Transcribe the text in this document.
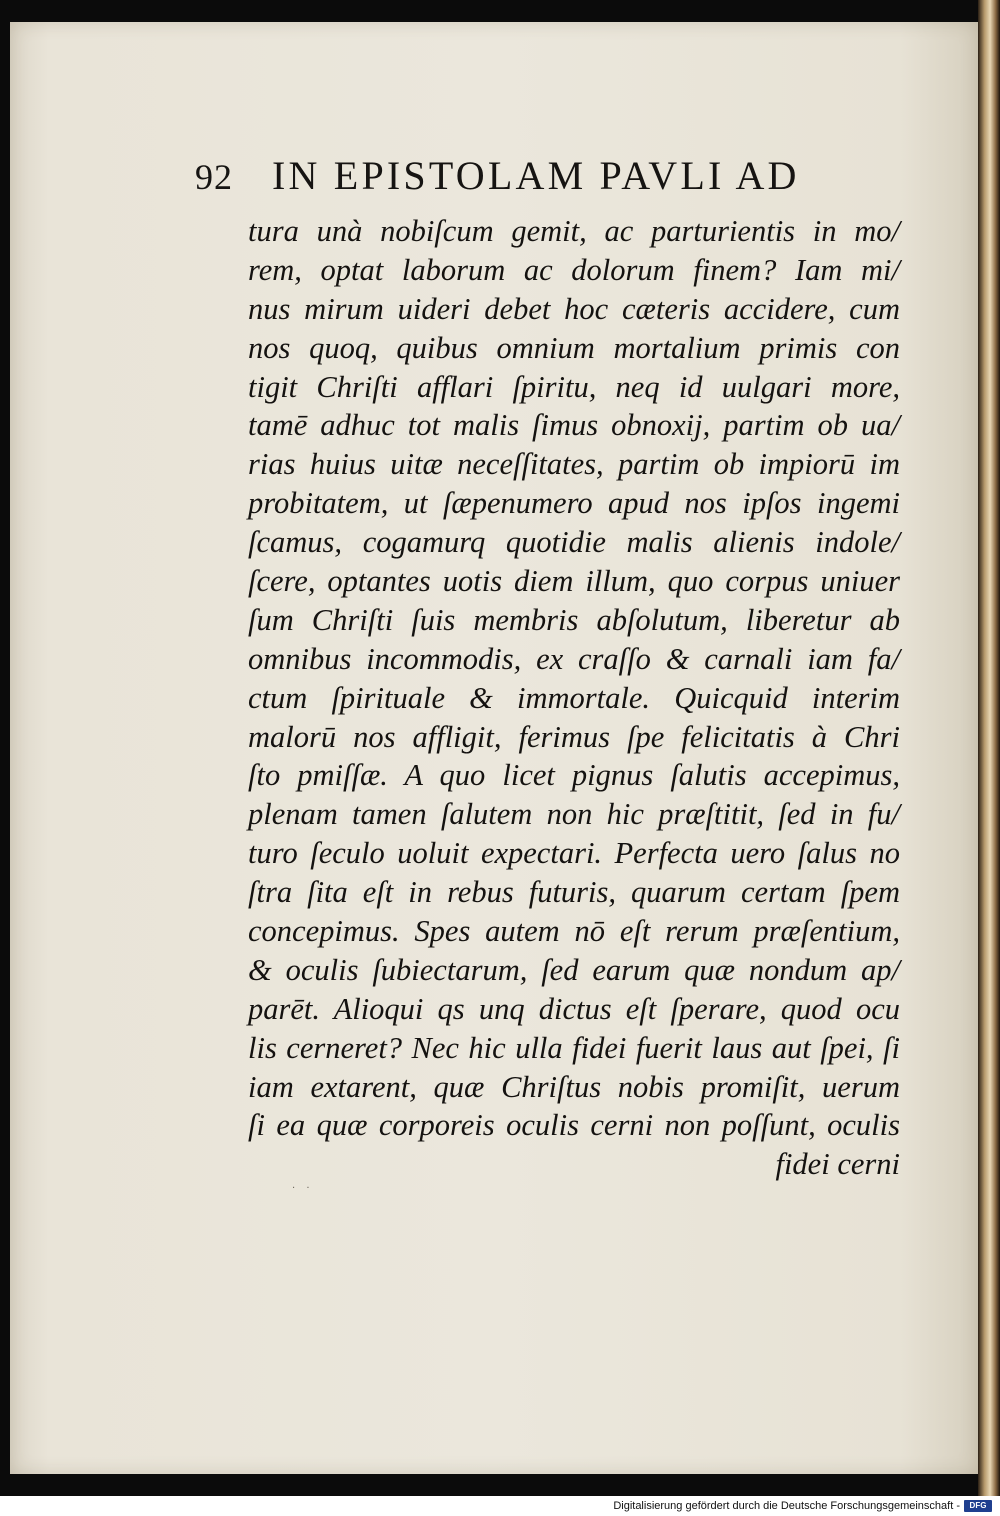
92 IN EPISTOLAM PAVLI AD
tura unà nobiſcum gemit, ac parturientis in mo/
rem, optat laborum ac dolorum finem? Iam mi/
nus mirum uideri debet hoc cæteris accidere, cum
nos quoq, quibus omnium mortalium primis con
tigit Chriſti afflari ſpiritu, neq id uulgari more,
tamē adhuc tot malis ſimus obnoxij, partim ob ua/
rias huius uitæ neceſſitates, partim ob impiorū im
probitatem, ut ſæpenumero apud nos ipſos ingemi
ſcamus, cogamurq quotidie malis alienis indole/
ſcere, optantes uotis diem illum, quo corpus uniuer
ſum Chriſti ſuis membris abſolutum, liberetur ab
omnibus incommodis, ex craſſo & carnali iam fa/
ctum ſpirituale & immortale. Quicquid interim
malorū nos affligit, ferimus ſpe felicitatis à Chri
ſto pmiſſæ. A quo licet pignus ſalutis accepimus,
plenam tamen ſalutem non hic præſtitit, ſed in fu/
turo ſeculo uoluit expectari. Perfecta uero ſalus no
ſtra ſita eſt in rebus futuris, quarum certam ſpem
concepimus. Spes autem nō eſt rerum præſentium,
& oculis ſubiectarum, ſed earum quæ nondum ap/
parēt. Alioqui qs unq dictus eſt ſperare, quod ocu
lis cerneret? Nec hic ulla fidei fuerit laus aut ſpei, ſi
iam extarent, quæ Chriſtus nobis promiſit, uerum
ſi ea quæ corporeis oculis cerni non poſſunt, oculis
fidei cerni
· ·
Digitalisierung gefördert durch die Deutsche Forschungsgemeinschaft -	DFG
